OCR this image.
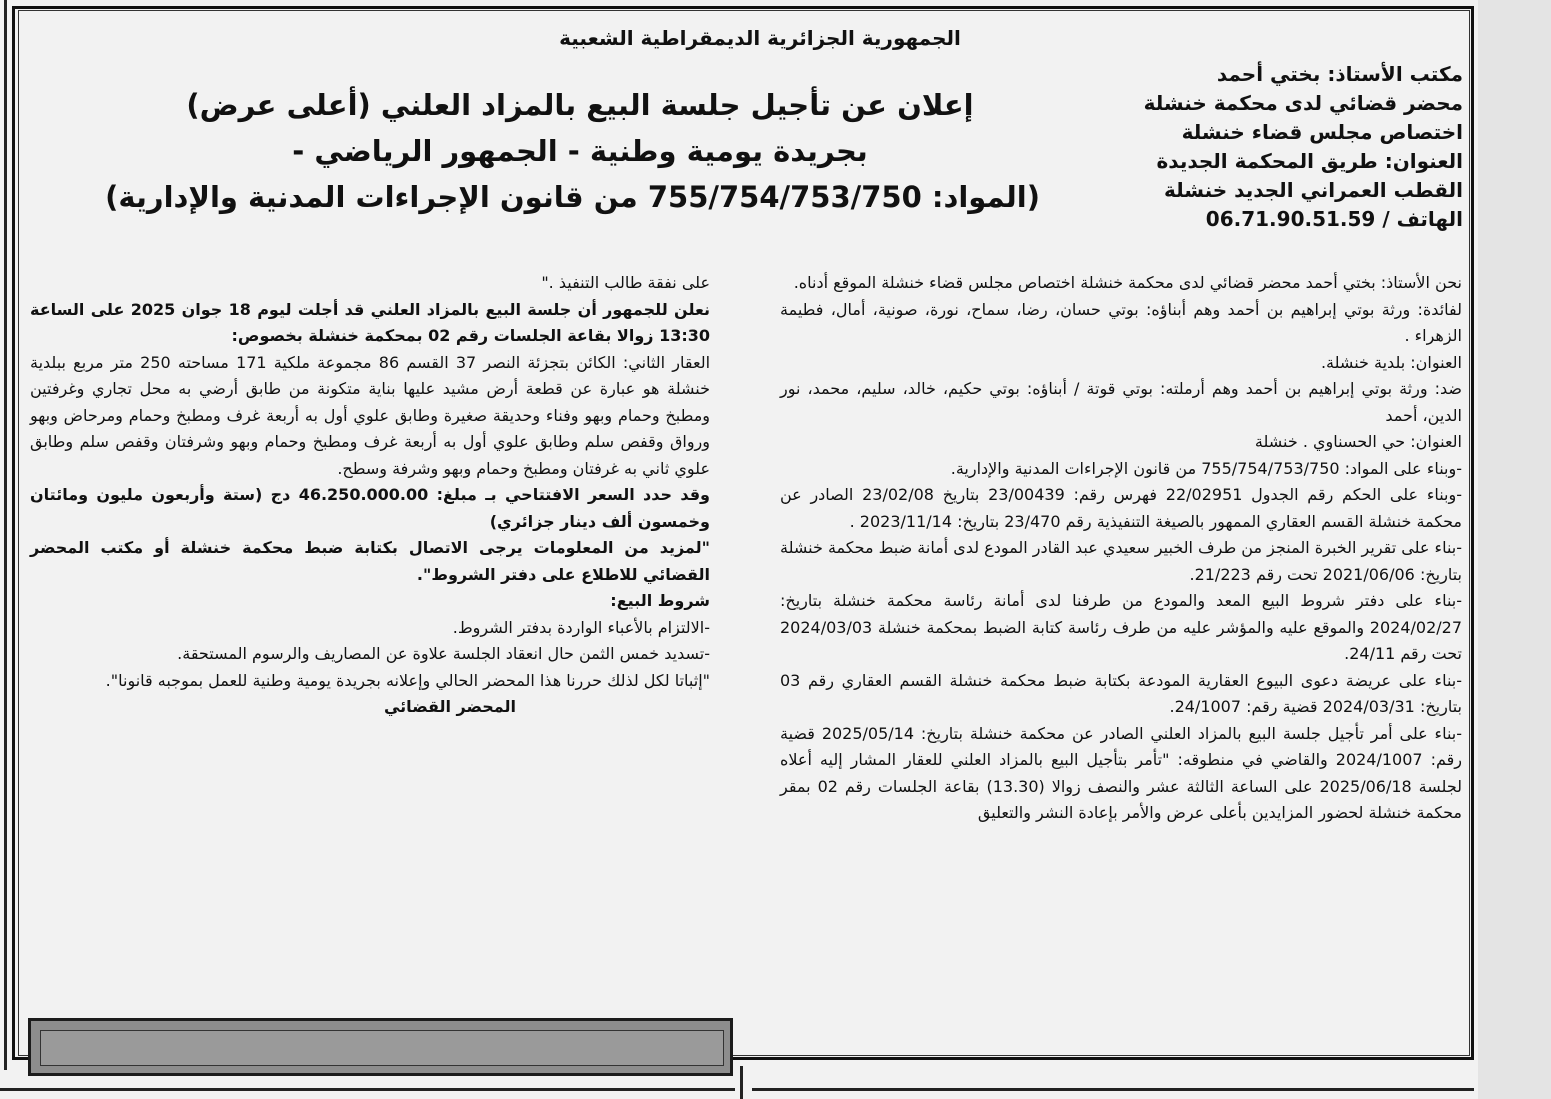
الجمهورية الجزائرية الديمقراطية الشعبية
مكتب الأستاذ: بختي أحمد
محضر قضائي لدى محكمة خنشلة
اختصاص مجلس قضاء خنشلة
العنوان: طريق المحكمة الجديدة
القطب العمراني الجديد خنشلة
الهاتف / 06.71.90.51.59
إعلان عن تأجيل جلسة البيع بالمزاد العلني (أعلى عرض)
بجريدة يومية وطنية - الجمهور الرياضي -
(المواد: 755/754/753/750 من قانون الإجراءات المدنية والإدارية)

نحن الأستاذ: بختي أحمد محضر قضائي لدى محكمة خنشلة اختصاص مجلس قضاء خنشلة الموقع أدناه.

لفائدة: ورثة بوتي إبراهيم بن أحمد وهم أبناؤه: بوتي حسان، رضا، سماح، نورة، صونية، أمال، فطيمة الزهراء .

العنوان: بلدية خنشلة.

ضد: ورثة بوتي إبراهيم بن أحمد وهم أرملته: بوتي قوتة / أبناؤه: بوتي حكيم، خالد، سليم، محمد، نور الدين، أحمد

العنوان: حي الحسناوي . خنشلة

-وبناء على المواد: 755/754/753/750 من قانون الإجراءات المدنية والإدارية.

-وبناء على الحكم رقم الجدول 22/02951 فهرس رقم: 23/00439 بتاريخ 23/02/08 الصادر عن محكمة خنشلة القسم العقاري الممهور بالصيغة التنفيذية رقم 23/470 بتاريخ: 2023/11/14 .

-بناء على تقرير الخبرة المنجز من طرف الخبير سعيدي عبد القادر المودع لدى أمانة ضبط محكمة خنشلة بتاريخ: 2021/06/06 تحت رقم 21/223.

-بناء على دفتر شروط البيع المعد والمودع من طرفنا لدى أمانة رئاسة محكمة خنشلة بتاريخ: 2024/02/27 والموقع عليه والمؤشر عليه من طرف رئاسة كتابة الضبط بمحكمة خنشلة 2024/03/03 تحت رقم 24/11.

-بناء على عريضة دعوى البيوع العقارية المودعة بكتابة ضبط محكمة خنشلة القسم العقاري رقم 03 بتاريخ: 2024/03/31 قضية رقم: 24/1007.

-بناء على أمر تأجيل جلسة البيع بالمزاد العلني الصادر عن محكمة خنشلة بتاريخ: 2025/05/14 قضية رقم: 2024/1007 والقاضي في منطوقه: "تأمر بتأجيل البيع بالمزاد العلني للعقار المشار إليه أعلاه لجلسة 2025/06/18 على الساعة الثالثة عشر والنصف زوالا (13.30) بقاعة الجلسات رقم 02 بمقر محكمة خنشلة لحضور المزايدين بأعلى عرض والأمر بإعادة النشر والتعليق

على نفقة طالب التنفيذ ."

نعلن للجمهور أن جلسة البيع بالمزاد العلني قد أجلت ليوم 18 جوان 2025 على الساعة 13:30 زوالا بقاعة الجلسات رقم 02 بمحكمة خنشلة بخصوص:

العقار الثاني: الكائن بتجزئة النصر 37 القسم 86 مجموعة ملكية 171 مساحته 250 متر مربع ببلدية خنشلة هو عبارة عن قطعة أرض مشيد عليها بناية متكونة من طابق أرضي به محل تجاري وغرفتين ومطبخ وحمام وبهو وفناء وحديقة صغيرة وطابق علوي أول به أربعة غرف ومطبخ وحمام ومرحاض وبهو ورواق وقفص سلم وطابق علوي أول به أربعة غرف ومطبخ وحمام وبهو وشرفتان وقفص سلم وطابق علوي ثاني به غرفتان ومطبخ وحمام وبهو وشرفة وسطح.

وقد حدد السعر الافتتاحي بـ مبلغ: 46.250.000.00 دج (ستة وأربعون مليون ومائتان وخمسون ألف دينار جزائري)

"لمزيد من المعلومات يرجى الاتصال بكتابة ضبط محكمة خنشلة أو مكتب المحضر القضائي للاطلاع على دفتر الشروط".

شروط البيع:

-الالتزام بالأعباء الواردة بدفتر الشروط.

-تسديد خمس الثمن حال انعقاد الجلسة علاوة عن المصاريف والرسوم المستحقة.

"إثباتا لكل لذلك حررنا هذا المحضر الحالي وإعلانه بجريدة يومية وطنية للعمل بموجبه قانونا".

المحضر القضائي
